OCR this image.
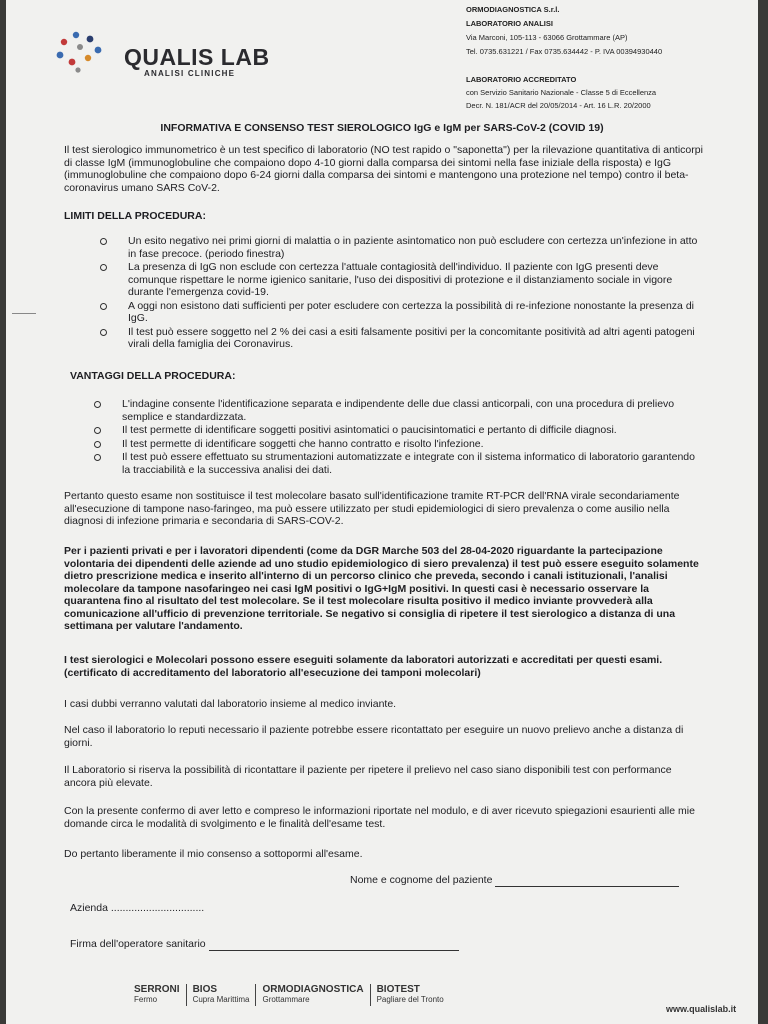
QUALIS LAB
ANALISI CLINICHE
ORMODIAGNOSTICA S.r.l.
LABORATORIO ANALISI
Via Marconi, 105-113 - 63066 Grottammare (AP)
Tel. 0735.631221 / Fax 0735.634442 - P. IVA 00394930440
LABORATORIO ACCREDITATO
con Servizio Sanitario Nazionale - Classe 5 di Eccellenza
Decr. N. 181/ACR del 20/05/2014 - Art. 16 L.R. 20/2000
INFORMATIVA E CONSENSO TEST SIEROLOGICO IgG e IgM per SARS-CoV-2 (COVID 19)
Il test sierologico immunometrico è un test specifico di laboratorio (NO test rapido o "saponetta") per la rilevazione quantitativa di anticorpi di classe IgM (immunoglobuline che compaiono dopo 4-10 giorni dalla comparsa dei sintomi nella fase iniziale della risposta) e IgG (immunoglobuline che compaiono dopo 6-24 giorni dalla comparsa dei sintomi e mantengono una protezione nel tempo) contro il beta-coronavirus umano SARS CoV-2.
LIMITI DELLA PROCEDURA:
Un esito negativo nei primi giorni di malattia o in paziente asintomatico non può escludere con certezza un'infezione in atto in fase precoce. (periodo finestra)
La presenza di IgG non esclude con certezza l'attuale contagiosità dell'individuo. Il paziente con IgG presenti deve comunque rispettare le norme igienico sanitarie, l'uso dei dispositivi di protezione e il distanziamento sociale in vigore durante l'emergenza covid-19.
A oggi non esistono dati sufficienti per poter escludere con certezza la possibilità di re-infezione nonostante la presenza di IgG.
Il test può essere soggetto nel 2 % dei casi a esiti falsamente positivi per la concomitante positività ad altri agenti patogeni virali della famiglia dei Coronavirus.
VANTAGGI DELLA PROCEDURA:
L'indagine consente l'identificazione separata e indipendente delle due classi anticorpali, con una procedura di prelievo semplice e standardizzata.
Il test permette di identificare soggetti positivi asintomatici o paucisintomatici e pertanto di difficile diagnosi.
Il test permette di identificare soggetti che hanno contratto e risolto l'infezione.
Il test può essere effettuato su strumentazioni automatizzate e integrate con il sistema informatico di laboratorio garantendo la tracciabilità e la successiva analisi dei dati.
Pertanto questo esame non sostituisce il test molecolare basato sull'identificazione tramite RT-PCR dell'RNA virale secondariamente all'esecuzione di tampone naso-faringeo, ma può essere utilizzato per studi epidemiologici di siero prevalenza o come ausilio nella diagnosi di infezione primaria e secondaria di SARS-COV-2.
Per i pazienti privati e per i lavoratori dipendenti (come da DGR Marche 503 del 28-04-2020 riguardante la partecipazione volontaria dei dipendenti delle aziende ad uno studio epidemiologico di siero prevalenza) il test può essere eseguito solamente dietro prescrizione medica e inserito all'interno di un percorso clinico che preveda, secondo i canali istituzionali, l'analisi molecolare da tampone nasofaringeo nei casi IgM positivi o IgG+IgM positivi. In questi casi è necessario osservare la quarantena fino al risultato del test molecolare. Se il test molecolare risulta positivo il medico inviante provvederà alla comunicazione all'ufficio di prevenzione territoriale. Se negativo si consiglia di ripetere il test sierologico a distanza di una settimana per valutare l'andamento.
I test sierologici e Molecolari possono essere eseguiti solamente da laboratori autorizzati e accreditati per questi esami. (certificato di accreditamento del laboratorio all'esecuzione dei tamponi molecolari)
I casi dubbi verranno valutati dal laboratorio insieme al medico inviante.
Nel caso il laboratorio lo reputi necessario il paziente potrebbe essere ricontattato per eseguire un nuovo prelievo anche a distanza di giorni.
Il Laboratorio si riserva la possibilità di ricontattare il paziente per ripetere il prelievo nel caso siano disponibili test con performance ancora più elevate.
Con la presente confermo di aver letto e compreso le informazioni riportate nel modulo, e di aver ricevuto spiegazioni esaurienti alle mie domande circa le modalità di svolgimento e le finalità dell'esame test.
Do pertanto liberamente il mio consenso a sottopormi all'esame.
Nome e cognome del paziente
Azienda ................................
Firma dell'operatore sanitario
SERRONI
Fermo
BIOS
Cupra Marittima
ORMODIAGNOSTICA
Grottammare
BIOTEST
Pagliare del Tronto
www.qualislab.it
